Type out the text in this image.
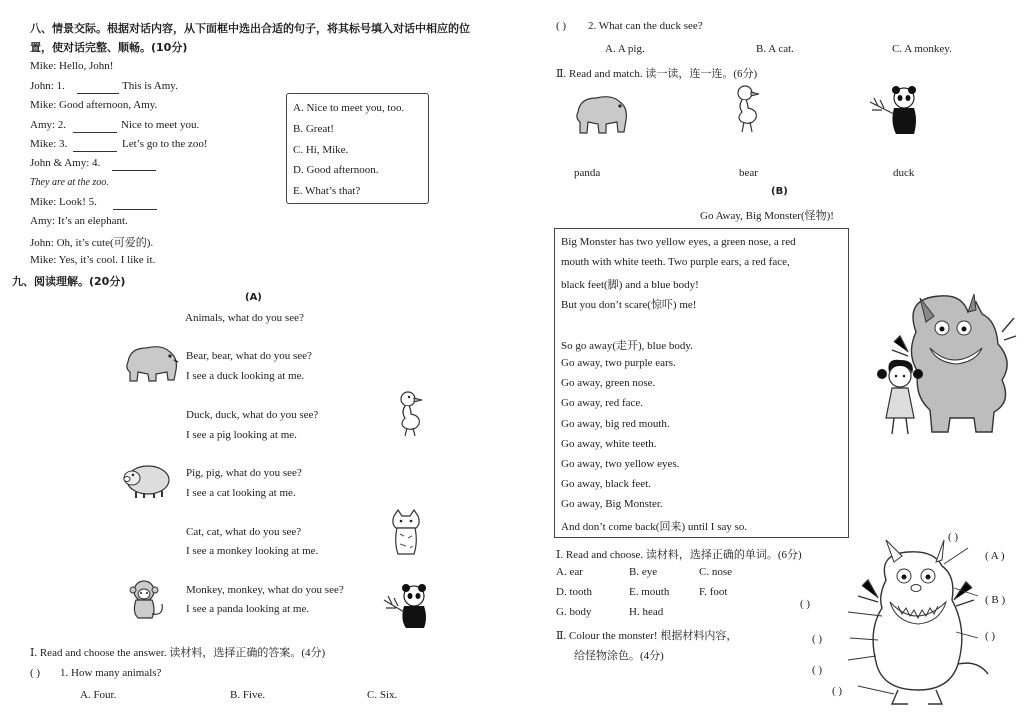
八、情景交际。根据对话内容，从下面框中选出合适的句子，将其标号填入对话中相应的位
置，使对话完整、顺畅。(10分)
Mike: Hello, John!
John: 1.	This is Amy.
Mike: Good afternoon, Amy.
Amy: 2.	Nice to meet you.
Mike: 3.	Let’s go to the zoo!
John & Amy: 4.
They are at the zoo.
Mike: Look! 5.
Amy: It’s an elephant.
John: Oh, it’s cute(可爱的).
Mike: Yes, it’s cool. I like it.
A. Nice to meet you, too.
B. Great!
C. Hi, Mike.
D. Good afternoon.
E. What’s that?
九、阅读理解。(20分)
(A)
Animals, what do you see?
Bear, bear, what do you see?
I see a duck looking at me.
Duck, duck, what do you see?
I see a pig looking at me.
Pig, pig, what do you see?
I see a cat looking at me.
Cat, cat, what do you see?
I see a monkey looking at me.
Monkey, monkey, what do you see?
I see a panda looking at me.
Ⅰ. Read and choose the answer. 读材料，选择正确的答案。(4分)
( ) 1. How many animals?
A. Four.	B. Five.	C. Six.
( ) 2. What can the duck see?
A. A pig.	B. A cat.	C. A monkey.
Ⅱ. Read and match. 读一读，连一连。(6分)
panda	bear	duck
(B)
Go Away, Big Monster(怪物)!
Big Monster has two yellow eyes, a green nose, a red
mouth with white teeth. Two purple ears, a red face,
black feet(脚) and a blue body!
But you don’t scare(惊吓) me!
So go away(走开), blue body.
Go away, two purple ears.
Go away, green nose.
Go away, red face.
Go away, big red mouth.
Go away, white teeth.
Go away, two yellow eyes.
Go away, black feet.
Go away, Big Monster.
And don’t come back(回来) until I say so.
Ⅰ. Read and choose. 读材料，选择正确的单词。(6分)
A. ear	B. eye	C. nose
D. tooth	E. mouth	F. foot
G. body	H. head
Ⅱ. Colour the monster! 根据材料内容，
给怪物涂色。(4分)
( )
( A )
( B )
( )
( )
( )
( )
( )
